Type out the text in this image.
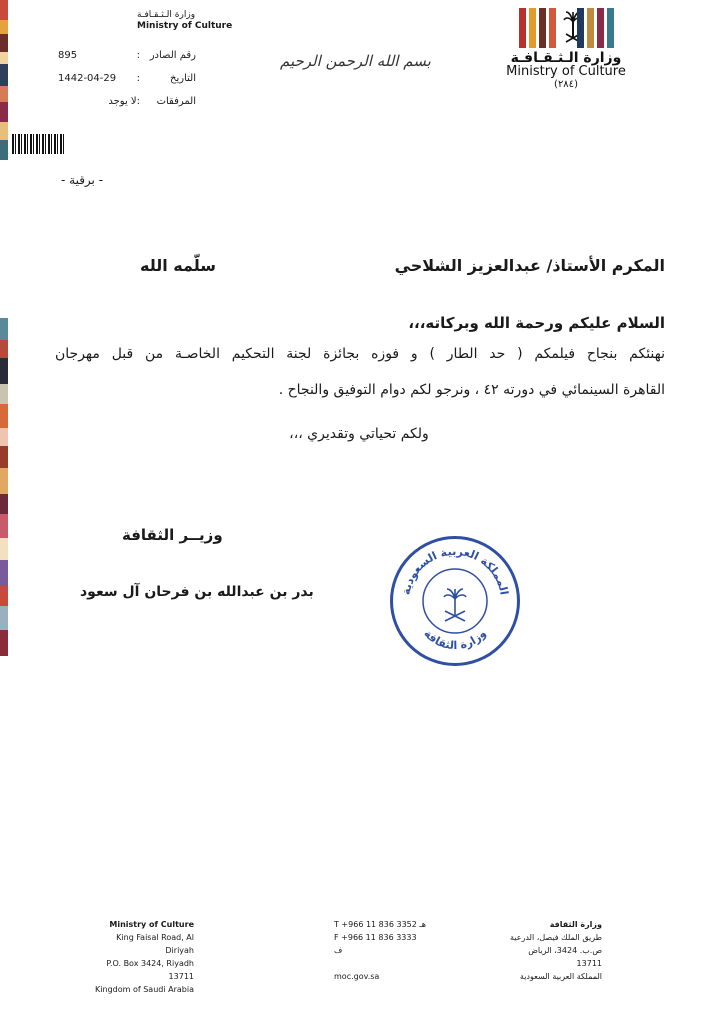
وزارة الـثـقـافـة
Ministry of Culture
رقم الصادر
:
895
التاريخ
:
1442-04-29
المرفقات
:
لا يوجد
بسم الله الرحمن الرحيم	وزارة الـثـقـافـة
Ministry of Culture
(٢٨٤)
- برقية -
المكرم الأستاذ/ عبدالعزيز الشلاحي
سلّمه الله
السلام عليكم ورحمة الله وبركاته،،،
نهنئكم بنجاح فيلمكم ( حد الطار ) و فوزه بجائزة لجنة التحكيم الخاصـة من قبل مهرجان
القاهرة السينمائي في دورته ٤٢ ، ونرجو لكم دوام التوفيق والنجاح .
ولكم تحياتي وتقديري ،،،
وزيــر الثقافة
بدر بن عبدالله بن فرحان آل سعود	المملكة العربية السعودية
وزارة الثقافة
Ministry of Culture
King Faisal Road, Al Diriyah
P.O. Box 3424, Riyadh 13711
Kingdom of Saudi Arabia
T +966 11 836 3352 هـ
F +966 11 836 3333 ف
moc.gov.sa
وزارة الثقافة
طريق الملك فيصل، الدرعية
ص.ب. 3424، الرياض 13711
المملكة العربية السعودية
